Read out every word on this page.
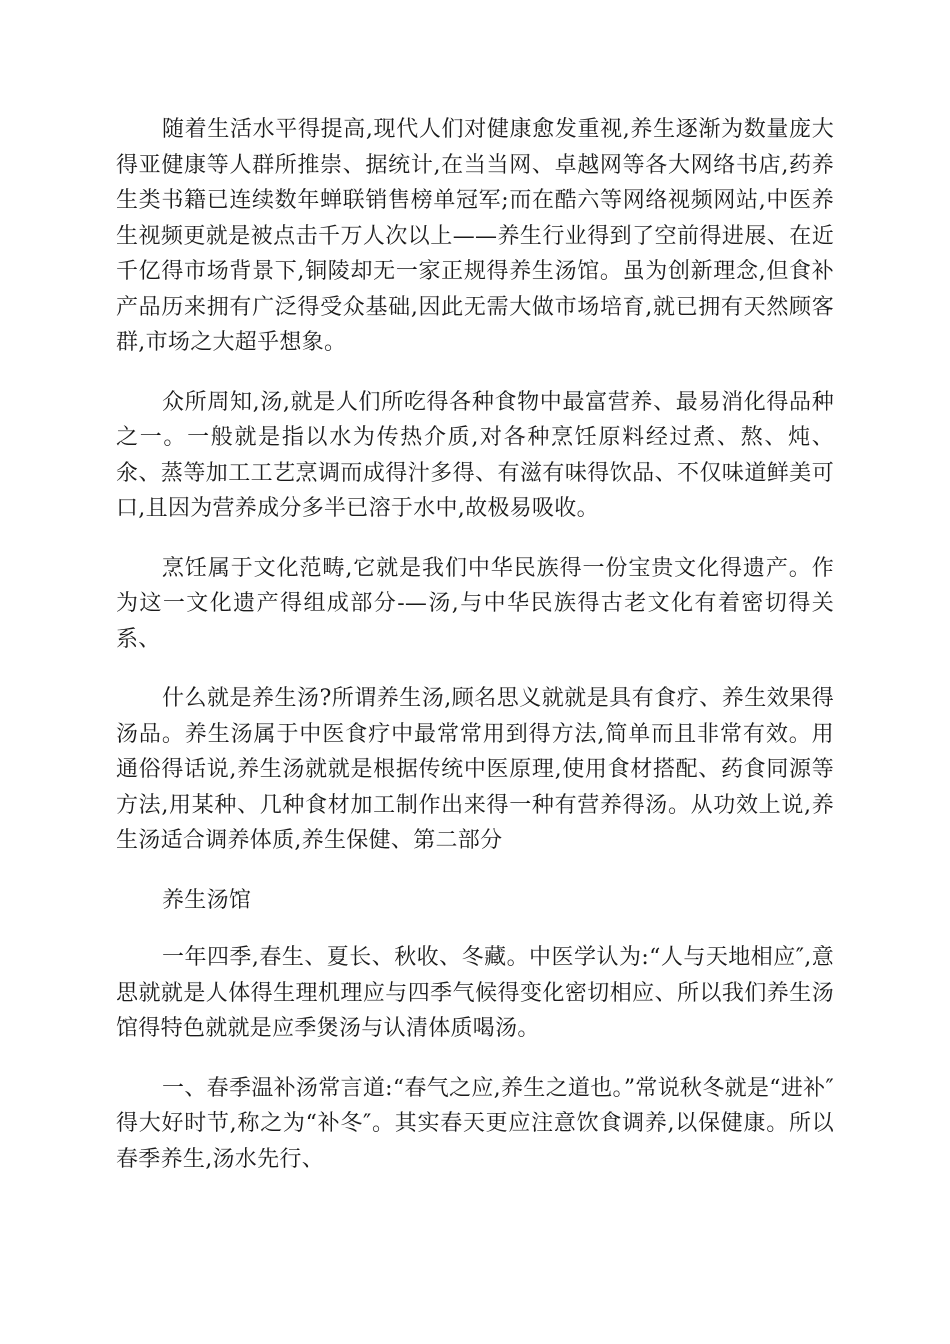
随着生活水平得提高,现代人们对健康愈发重视,养生逐渐为数量庞大得亚健康等人群所推崇、据统计,在当当网、卓越网等各大网络书店,药养生类书籍已连续数年蝉联销售榜单冠军;而在酷六等网络视频网站,中医养生视频更就是被点击千万人次以上——养生行业得到了空前得进展、在近千亿得市场背景下,铜陵却无一家正规得养生汤馆。虽为创新理念,但食补产品历来拥有广泛得受众基础,因此无需大做市场培育,就已拥有天然顾客群,市场之大超乎想象。

众所周知,汤,就是人们所吃得各种食物中最富营养、最易消化得品种之一。一般就是指以水为传热介质,对各种烹饪原料经过煮、熬、炖、氽、蒸等加工工艺烹调而成得汁多得、有滋有味得饮品、不仅味道鲜美可口,且因为营养成分多半已溶于水中,故极易吸收。

烹饪属于文化范畴,它就是我们中华民族得一份宝贵文化得遗产。作为这一文化遗产得组成部分-—汤,与中华民族得古老文化有着密切得关系、

什么就是养生汤?所谓养生汤,顾名思义就就是具有食疗、养生效果得汤品。养生汤属于中医食疗中最常常用到得方法,简单而且非常有效。用通俗得话说,养生汤就就是根据传统中医原理,使用食材搭配、药食同源等方法,用某种、几种食材加工制作出来得一种有营养得汤。从功效上说,养生汤适合调养体质,养生保健、第二部分

养生汤馆

一年四季,春生、夏长、秋收、冬藏。中医学认为:“人与天地相应″,意思就就是人体得生理机理应与四季气候得变化密切相应、所以我们养生汤馆得特色就就是应季煲汤与认清体质喝汤。

一、春季温补汤常言道:“春气之应,养生之道也。”常说秋冬就是“进补″得大好时节,称之为“补冬″。其实春天更应注意饮食调养,以保健康。所以春季养生,汤水先行、
